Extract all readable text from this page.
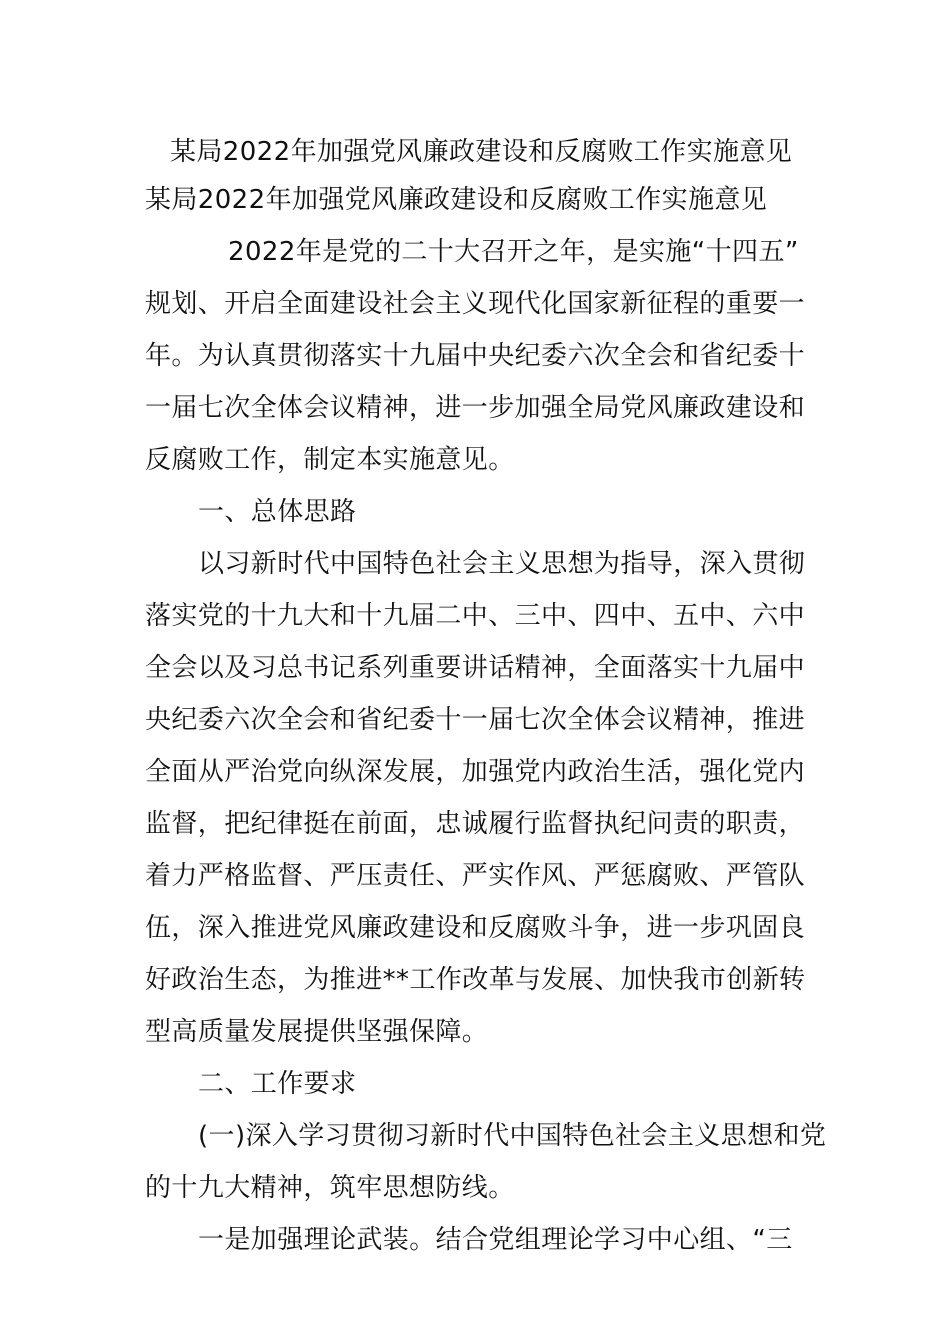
某局2022年加强党风廉政建设和反腐败工作实施意见
某局2022年加强党风廉政建设和反腐败工作实施意见
2022年是党的二十大召开之年，是实施“十四五”
规划、开启全面建设社会主义现代化国家新征程的重要一
年。为认真贯彻落实十九届中央纪委六次全会和省纪委十
一届七次全体会议精神，进一步加强全局党风廉政建设和
反腐败工作，制定本实施意见。
一、总体思路
以习新时代中国特色社会主义思想为指导，深入贯彻
落实党的十九大和十九届二中、三中、四中、五中、六中
全会以及习总书记系列重要讲话精神，全面落实十九届中
央纪委六次全会和省纪委十一届七次全体会议精神，推进
全面从严治党向纵深发展，加强党内政治生活，强化党内
监督，把纪律挺在前面，忠诚履行监督执纪问责的职责，
着力严格监督、严压责任、严实作风、严惩腐败、严管队
伍，深入推进党风廉政建设和反腐败斗争，进一步巩固良
好政治生态，为推进**工作改革与发展、加快我市创新转
型高质量发展提供坚强保障。
二、工作要求
(一)深入学习贯彻习新时代中国特色社会主义思想和党
的十九大精神，筑牢思想防线。
一是加强理论武装。结合党组理论学习中心组、“三
